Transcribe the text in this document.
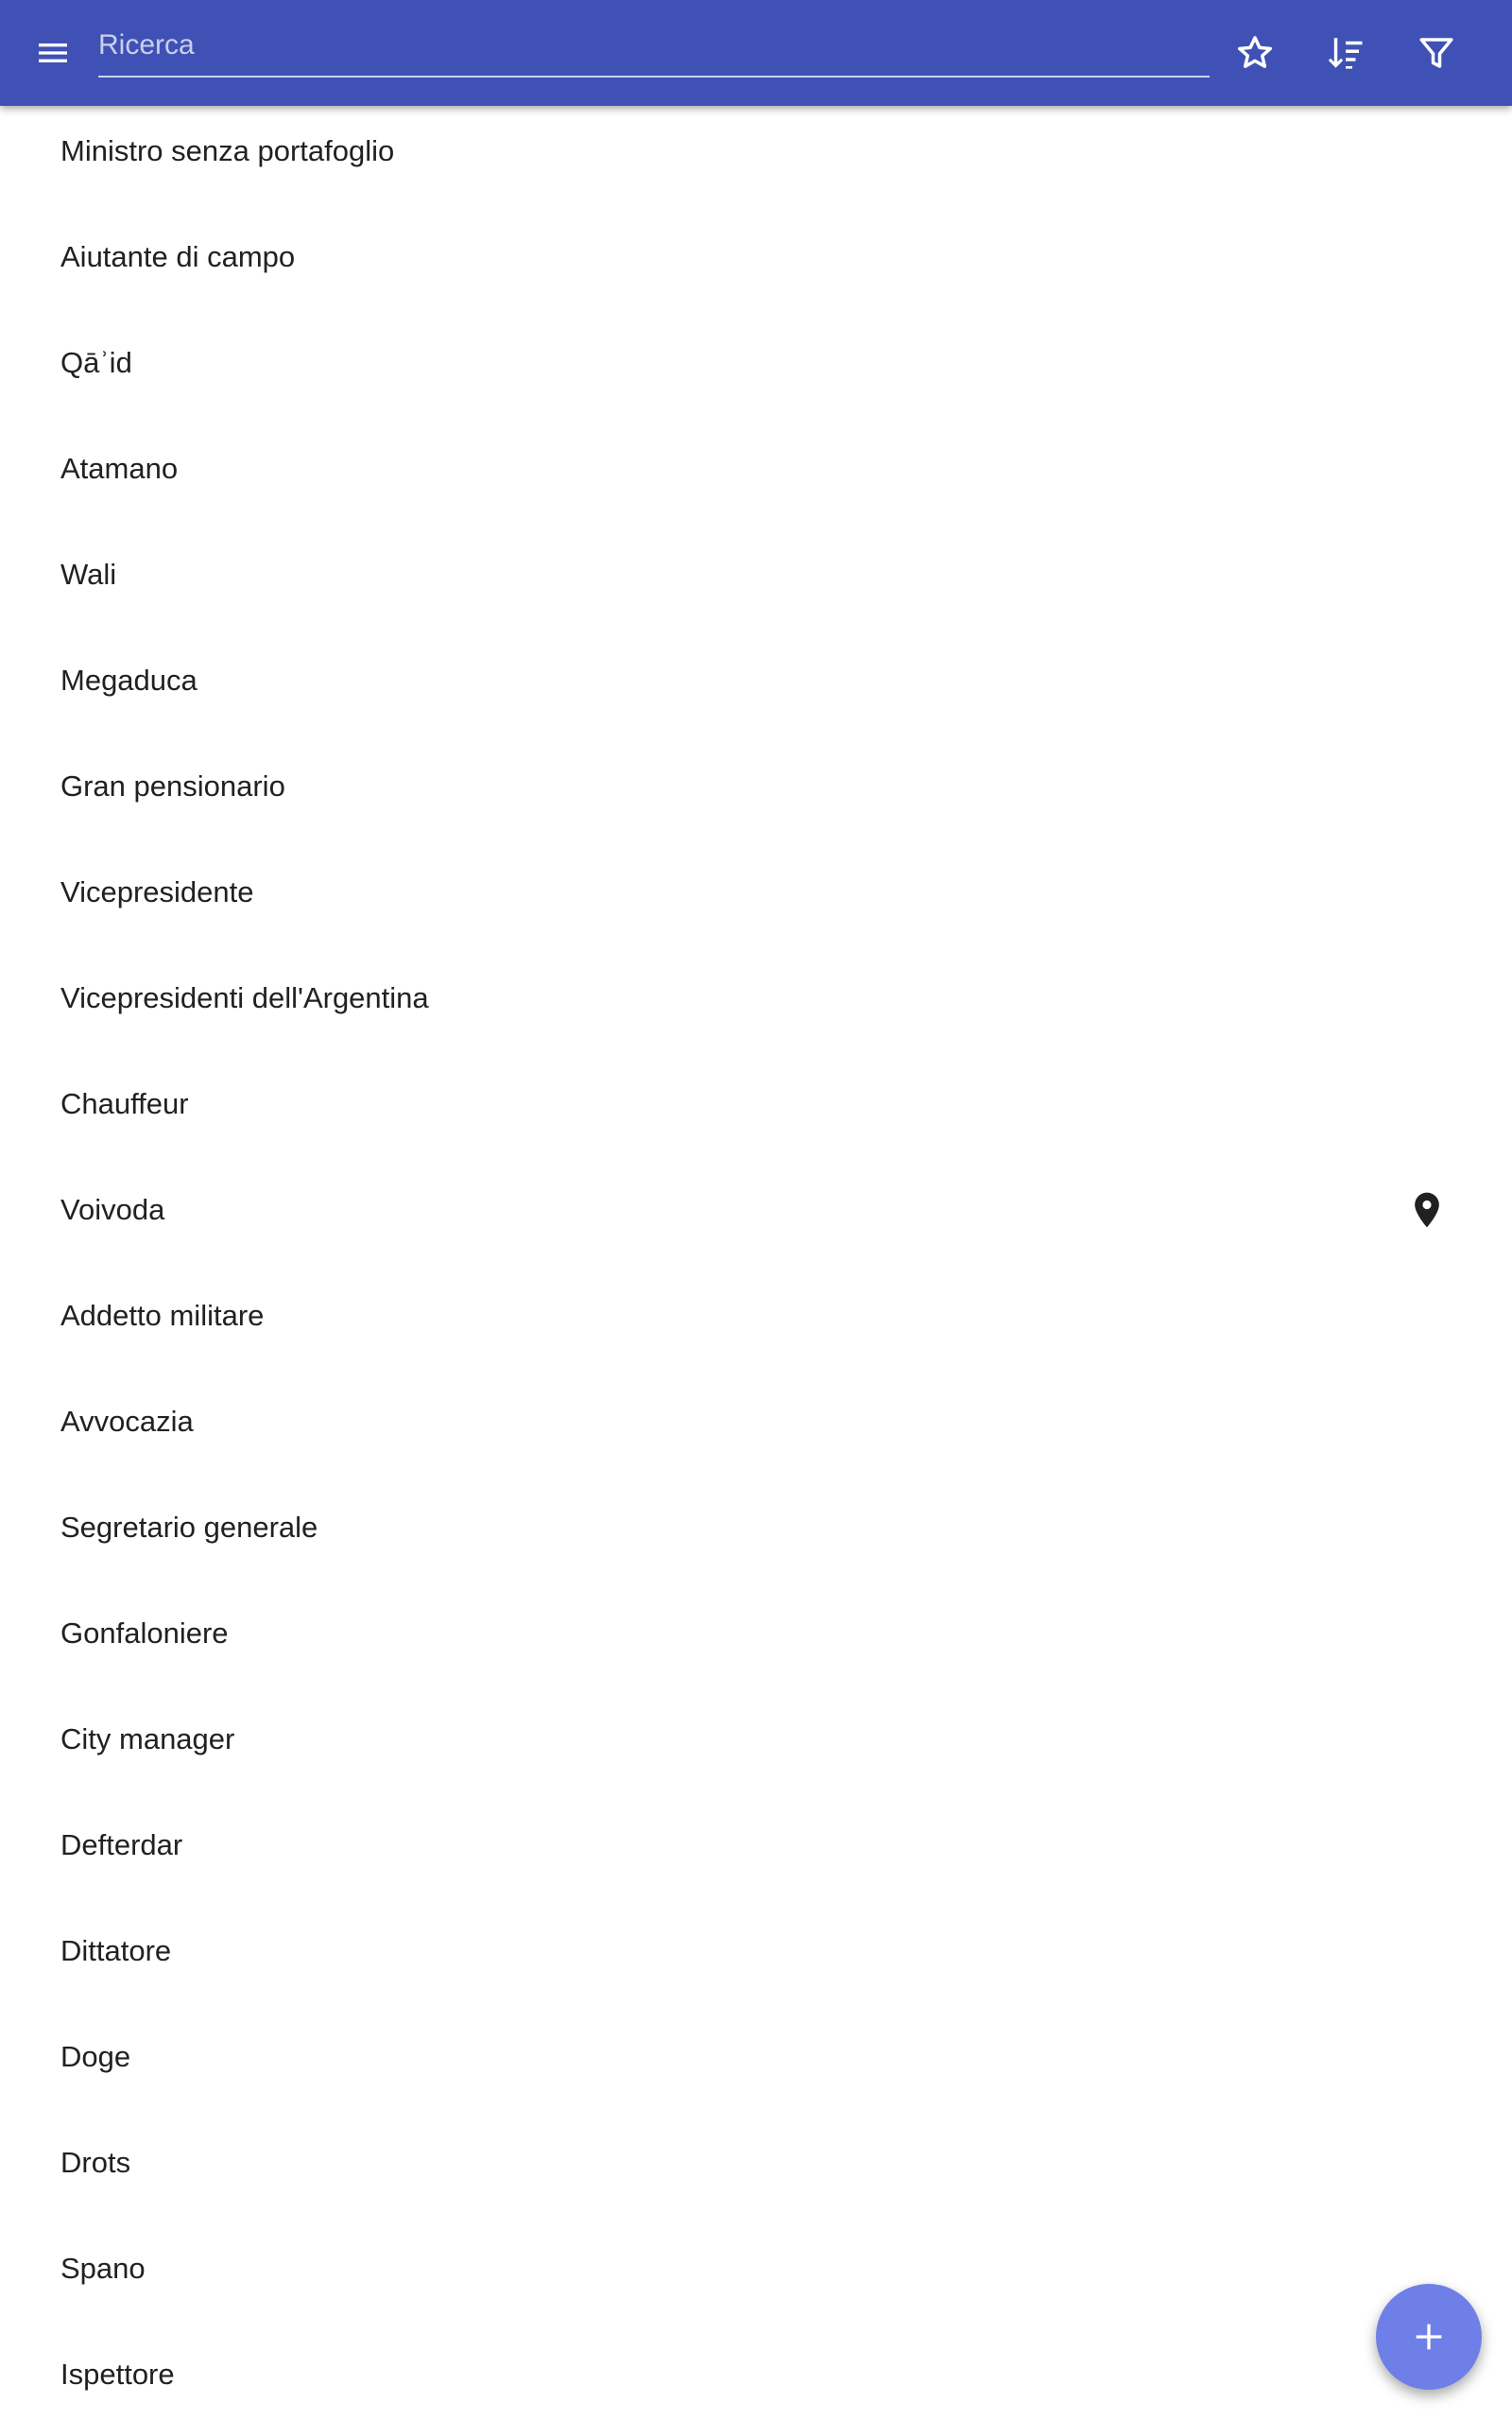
Ricerca
Ministro senza portafoglio
Aiutante di campo
Qāʾid
Atamano
Wali
Megaduca
Gran pensionario
Vicepresidente
Vicepresidenti dell'Argentina
Chauffeur
Voivoda
Addetto militare
Avvocazia
Segretario generale
Gonfaloniere
City manager
Defterdar
Dittatore
Doge
Drots
Spano
Ispettore
